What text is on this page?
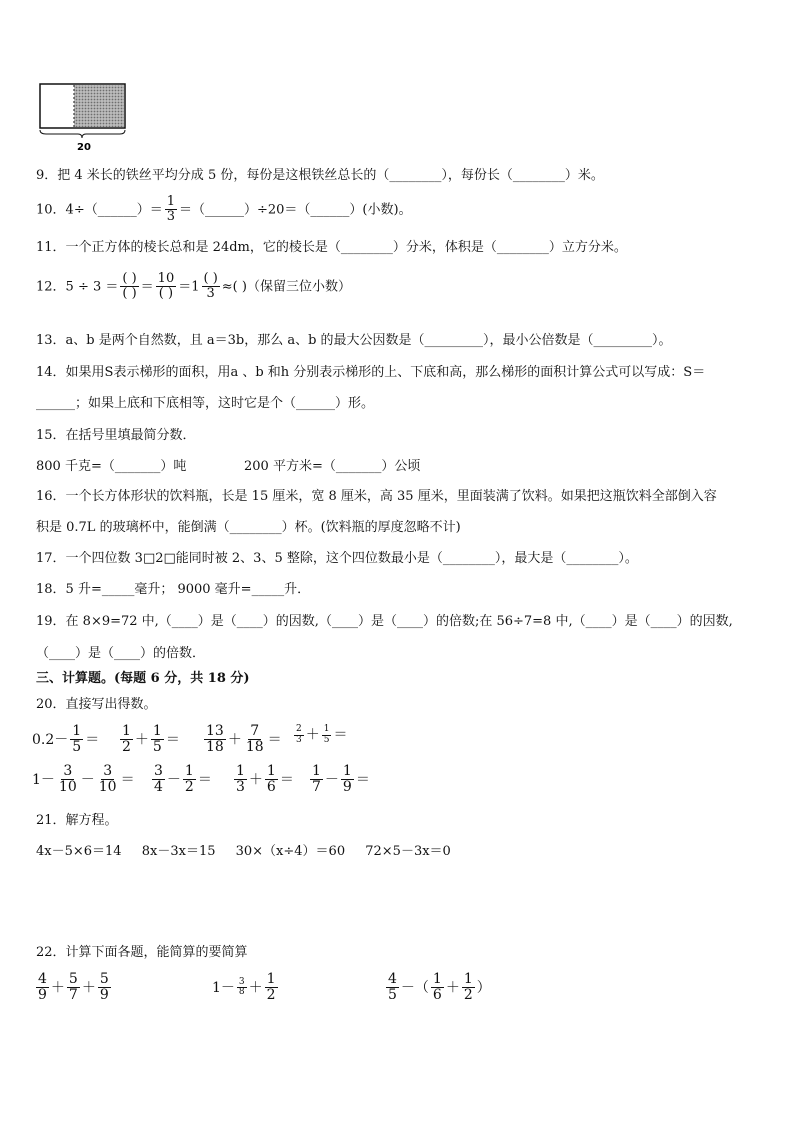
20
9．把 4 米长的铁丝平均分成 5 份，每份是这根铁丝总长的（________），每份长（________）米。
10．4÷（______）＝ $\frac{1}{3}$ ＝（______）÷20＝（______）(小数)。
11．一个正方体的棱长总和是 24dm，它的棱长是（________）分米，体积是（________）立方分米。
12．$5 \div 3 = \frac{( )}{( )} = \frac{10}{( )} =1 \frac{( )}{3}$ ≈( )（保留三位小数）
13．a、b 是两个自然数，且 a＝3b，那么 a、b 的最大公因数是（_________），最小公倍数是（_________）。
14．如果用S表示梯形的面积，用a 、b 和h 分别表示梯形的上、下底和高，那么梯形的面积计算公式可以写成：S＝
______；如果上底和下底相等，这时它是个（______）形。
15．在括号里填最简分数．
800 千克=（_______）吨	200 平方米=（_______）公顷
16．一个长方体形状的饮料瓶，长是 15 厘米，宽 8 厘米，高 35 厘米，里面装满了饮料。如果把这瓶饮料全部倒入容
积是 0.7L 的玻璃杯中，能倒满（________）杯。(饮料瓶的厚度忽略不计)
17．一个四位数 3□2□能同时被 2、3、5 整除，这个四位数最小是（________），最大是（________）。
18．5 升=_____毫升； 9000 毫升=_____升．
19．在 8×9=72 中,（____）是（____）的因数,（____）是（____）的倍数;在 56÷7=8 中,（____）是（____）的因数,
（____）是（____）的倍数．
三、计算题。(每题 6 分，共 18 分)
20．直接写出得数。
$0.2- \frac{1}{5} = \frac{1}{2} + \frac{1}{5} = \frac{13}{18} + \frac{7}{18} = \frac{2}{3} + \frac{1}{5}$ ＝
$1- \frac{3}{10} - \frac{3}{10} = \frac{3}{4} - \frac{1}{2} = \frac{1}{3} + \frac{1}{6} = \frac{1}{7} - \frac{1}{9}$ ＝
21．解方程。
4x－5×6＝14 8x－3x＝15 30×（x÷4）＝60 72×5－3x＝0
22．计算下面各题，能简算的要简算
$\frac{4}{9} + \frac{5}{7} + \frac{5}{9}$	$1- \frac{3}{8} + \frac{1}{2}$	$\frac{4}{5}$ －（ $\frac{1}{6} + \frac{1}{2}$ ）
